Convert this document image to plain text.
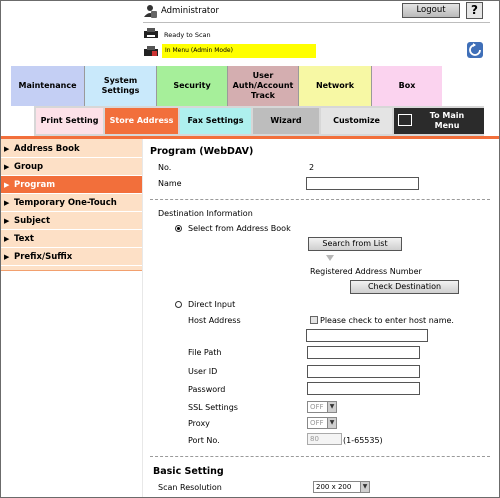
Administrator	Logout	?
Ready to Scan
In Menu (Admin Mode)
Maintenance
System Settings
Security
User Auth/Account Track
Network	Box
Print Setting Store Address Fax Settings	Wizard	Customize
To Main Menu
▶ Address Book
▶ Group
▶ Program
▶ Temporary One-Touch
▶ Subject
▶ Text
▶ Prefix/Suffix
Program (WebDAV)
No.	2
Name
Destination Information
Select from Address Book
Search from List
Registered Address Number
Check Destination
Direct Input
Host Address	Please check to enter host name.
File Path
User ID
Password
SSL Settings	OFF	▼
Proxy	OFF	▼
Port No.	80	(1-65535)
Basic Setting
Scan Resolution	200 x 200	▼
